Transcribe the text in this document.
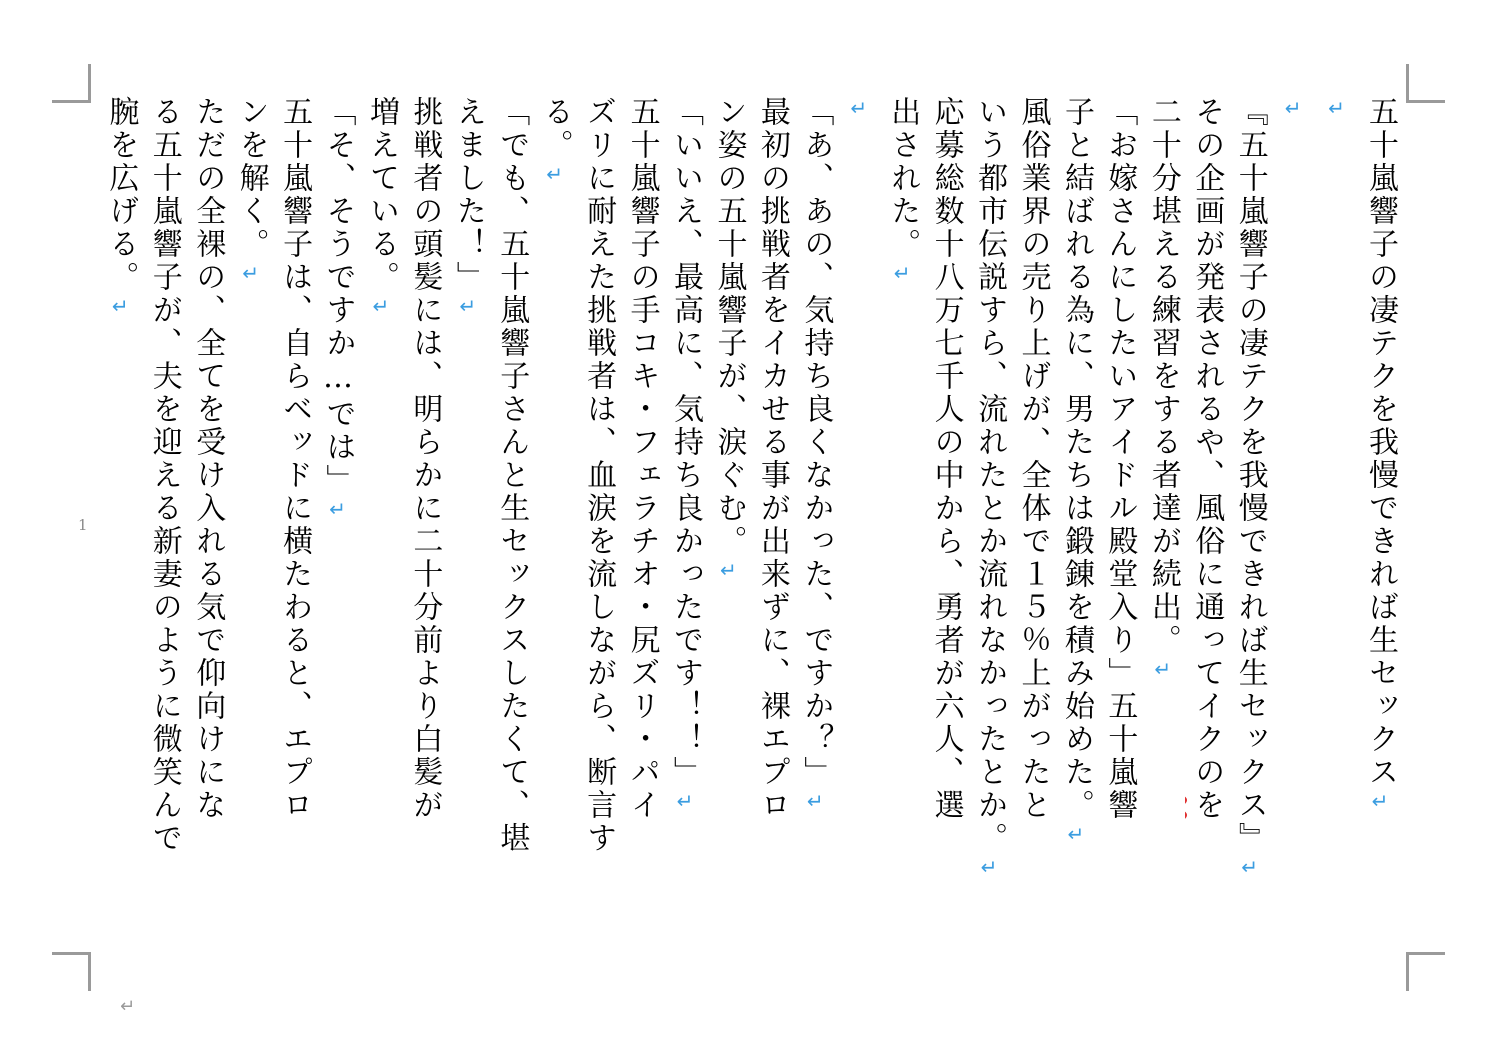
1
↵
五十嵐響子の凄テクを我慢できれば生セックス↵
↵
↵
『五十嵐響子の凄テクを我慢できれば生セックス』↵
その企画が発表されるや、風俗に通ってイクのを
二十分堪える練習をする者達が続出。↵
「お嫁さんにしたいアイドル殿堂入り」五十嵐響
子と結ばれる為に、男たちは鍛錬を積み始めた。↵
風俗業界の売り上げが、全体で１５％上がったと
いう都市伝説すら、流れたとか流れなかったとか。↵
応募総数十八万七千人の中から、勇者が六人、選
出された。↵
↵
「あ、あの、気持ち良くなかった、ですか？」↵
最初の挑戦者をイカせる事が出来ずに、裸エプロ
ン姿の五十嵐響子が、涙ぐむ。↵
「いいえ、最高に、気持ち良かったです！！」↵
五十嵐響子の手コキ・フェラチオ・尻ズリ・パイ
ズリに耐えた挑戦者は、血涙を流しながら、断言す
る。↵
「でも、五十嵐響子さんと生セックスしたくて、堪
えました！」↵
挑戦者の頭髪には、明らかに二十分前より白髪が
増えている。↵
「そ、そうですか…では」↵
五十嵐響子は、自らベッドに横たわると、エプロ
ンを解く。↵
ただの全裸の、全てを受け入れる気で仰向けにな
る五十嵐響子が、夫を迎える新妻のように微笑んで
腕を広げる。↵
